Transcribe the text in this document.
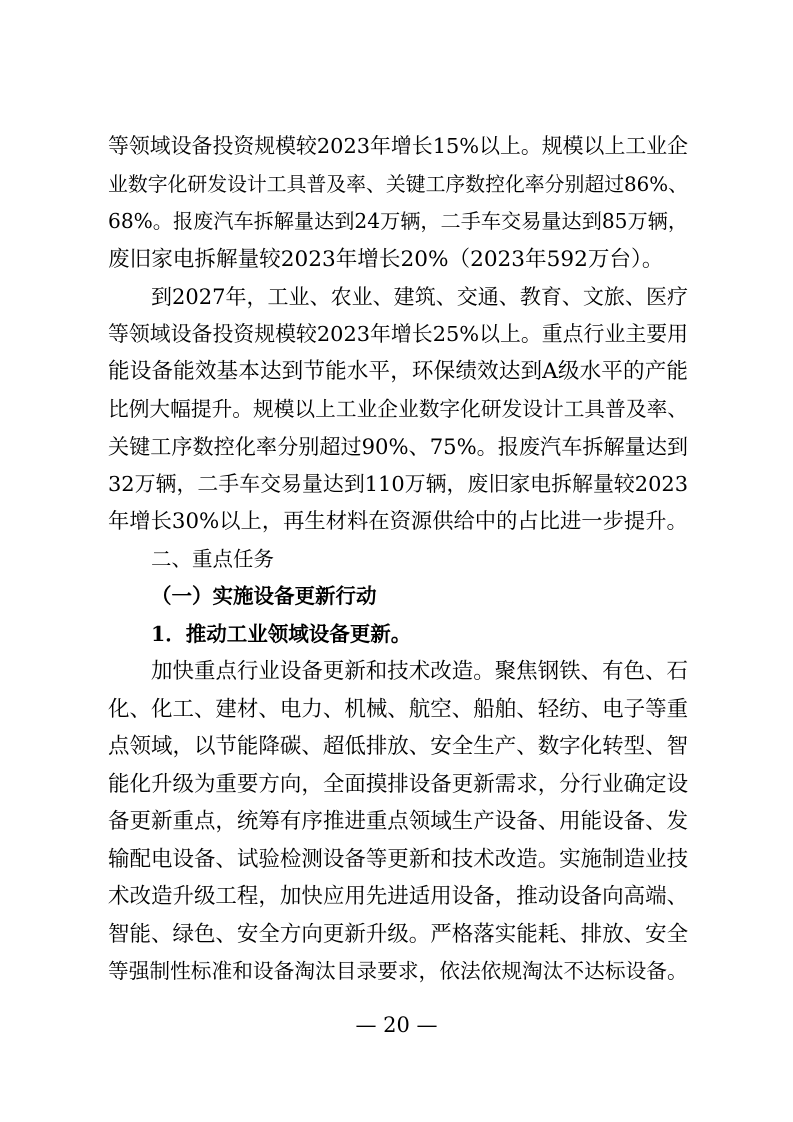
等领域设备投资规模较2023年增长15%以上。规模以上工业企
业数字化研发设计工具普及率、关键工序数控化率分别超过86%、
68%。报废汽车拆解量达到24万辆，二手车交易量达到85万辆，
废旧家电拆解量较2023年增长20%（2023年592万台）。
到2027年，工业、农业、建筑、交通、教育、文旅、医疗
等领域设备投资规模较2023年增长25%以上。重点行业主要用
能设备能效基本达到节能水平，环保绩效达到A级水平的产能
比例大幅提升。规模以上工业企业数字化研发设计工具普及率、
关键工序数控化率分别超过90%、75%。报废汽车拆解量达到
32万辆，二手车交易量达到110万辆，废旧家电拆解量较2023
年增长30%以上，再生材料在资源供给中的占比进一步提升。
二、重点任务
（一）实施设备更新行动
1．推动工业领域设备更新。
加快重点行业设备更新和技术改造。聚焦钢铁、有色、石
化、化工、建材、电力、机械、航空、船舶、轻纺、电子等重
点领域，以节能降碳、超低排放、安全生产、数字化转型、智
能化升级为重要方向，全面摸排设备更新需求，分行业确定设
备更新重点，统筹有序推进重点领域生产设备、用能设备、发
输配电设备、试验检测设备等更新和技术改造。实施制造业技
术改造升级工程，加快应用先进适用设备，推动设备向高端、
智能、绿色、安全方向更新升级。严格落实能耗、排放、安全
等强制性标准和设备淘汰目录要求，依法依规淘汰不达标设备。
— 20 —
